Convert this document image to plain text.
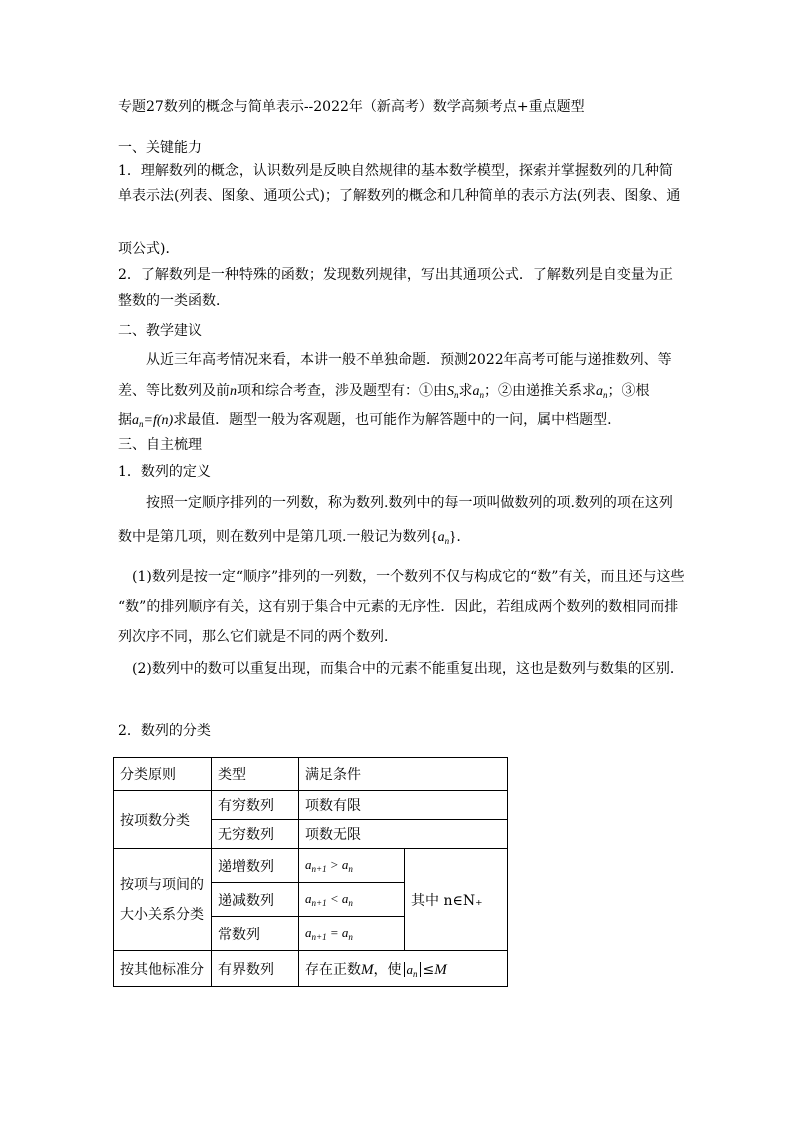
专题27数列的概念与简单表示--2022年（新高考）数学高频考点+重点题型
一、关键能力
1．理解数列的概念，认识数列是反映自然规律的基本数学模型，探索并掌握数列的几种简
单表示法(列表、图象、通项公式)；了解数列的概念和几种简单的表示方法(列表、图象、通
项公式)．
2．了解数列是一种特殊的函数；发现数列规律，写出其通项公式．了解数列是自变量为正
整数的一类函数．
二、教学建议
从近三年高考情况来看，本讲一般不单独命题．预测2022年高考可能与递推数列、等
差、等比数列及前n项和综合考查，涉及题型有：①由$S_n$求$a_n$；②由递推关系求$a_n$；③根
据$a_n=f(n)$求最值．题型一般为客观题，也可能作为解答题中的一问，属中档题型.
三、自主梳理
1．数列的定义
按照一定顺序排列的一列数，称为数列.数列中的每一项叫做数列的项.数列的项在这列
数中是第几项，则在数列中是第几项.一般记为数列$\{a_n\}$.
(1)数列是按一定“顺序”排列的一列数，一个数列不仅与构成它的“数”有关，而且还与这些
“数”的排列顺序有关，这有别于集合中元素的无序性．因此，若组成两个数列的数相同而排
列次序不同，那么它们就是不同的两个数列．
(2)数列中的数可以重复出现，而集合中的元素不能重复出现，这也是数列与数集的区别．
2．数列的分类
分类原则	类型	满足条件	
按项数分类	有穷数列	项数有限	
	无穷数列	项数无限	

按项与项间的
大小关系分类	递增数列	$a_{n+1} > a_n$	其中 n∈N₊
	递减数列	$a_{n+1} < a_n$
	常数列	$a_{n+1} = a_n$
按其他标准分	有界数列	存在正数M，使 $a_n \le M$	
